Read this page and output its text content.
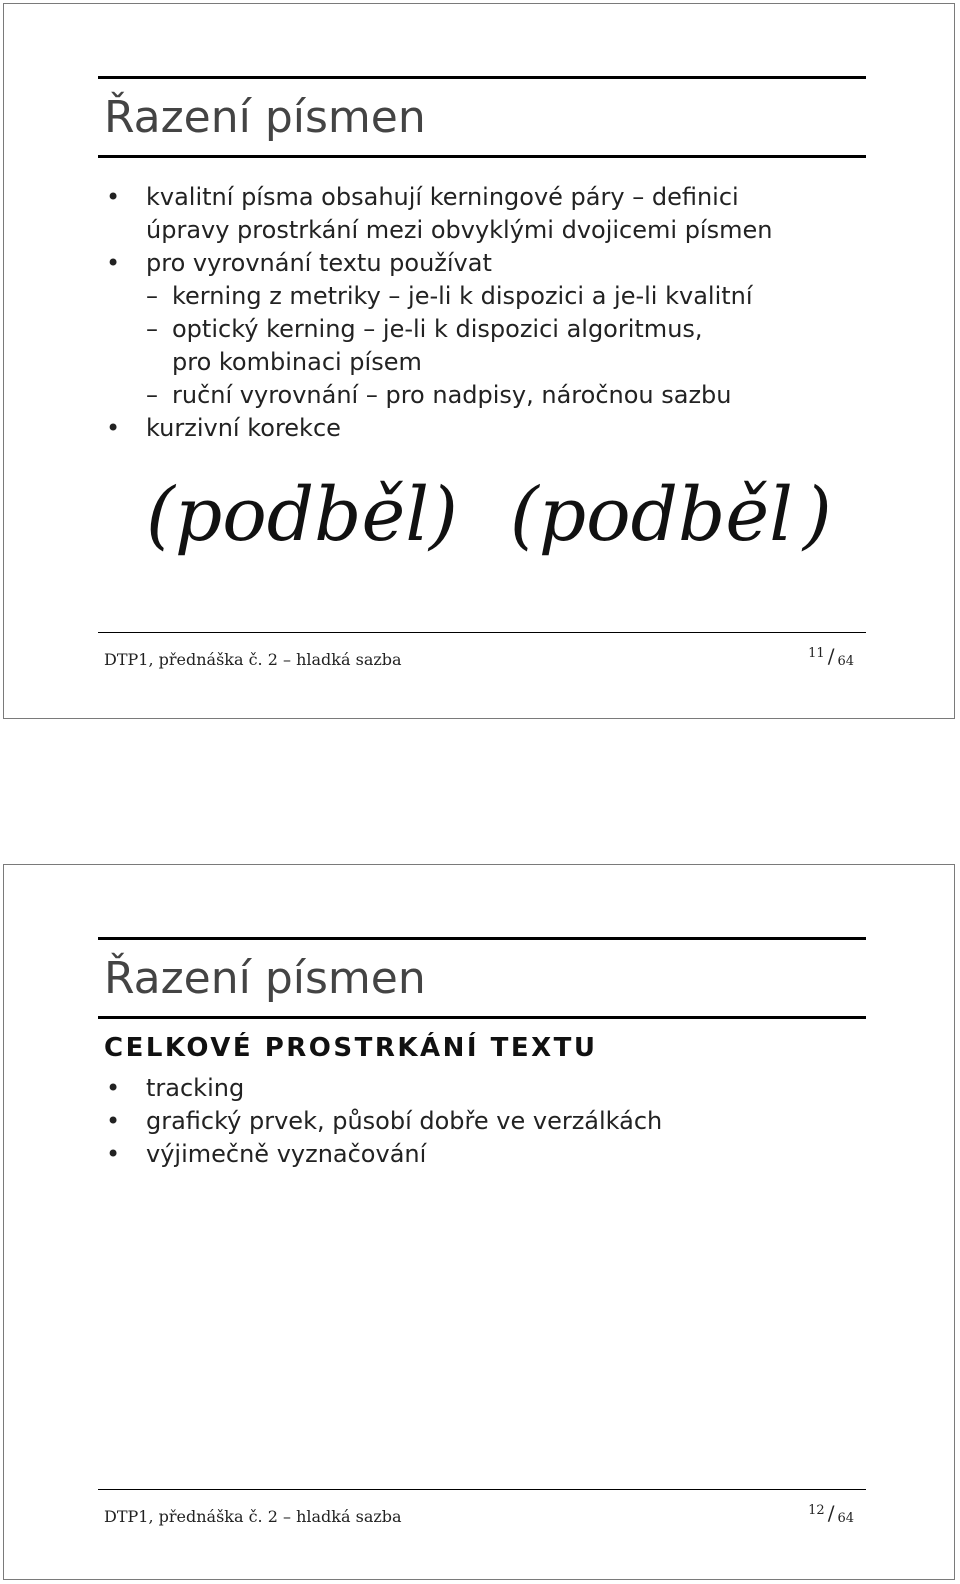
Řazení písmen
• kvalitní písma obsahují kerningové páry – definici
úpravy prostrkání mezi obvyklými dvojicemi písmen
• pro vyrovnání textu používat
– kerning z metriky – je-li k dispozici a je-li kvalitní
– optický kerning – je-li k dispozici algoritmus,
pro kombinaci písem
– ruční vyrovnání – pro nadpisy, náročnou sazbu
• kurzivní korekce
(podběl) (podběl )
DTP1, přednáška č. 2 – hladká sazba	$^{11}$ / 64
Řazení písmen
CELKOVÉ PROSTRKÁNÍ TEXTU
• tracking
• grafický prvek, působí dobře ve verzálkách
• výjimečně vyznačování
DTP1, přednáška č. 2 – hladká sazba	$^{12}$ / 64
